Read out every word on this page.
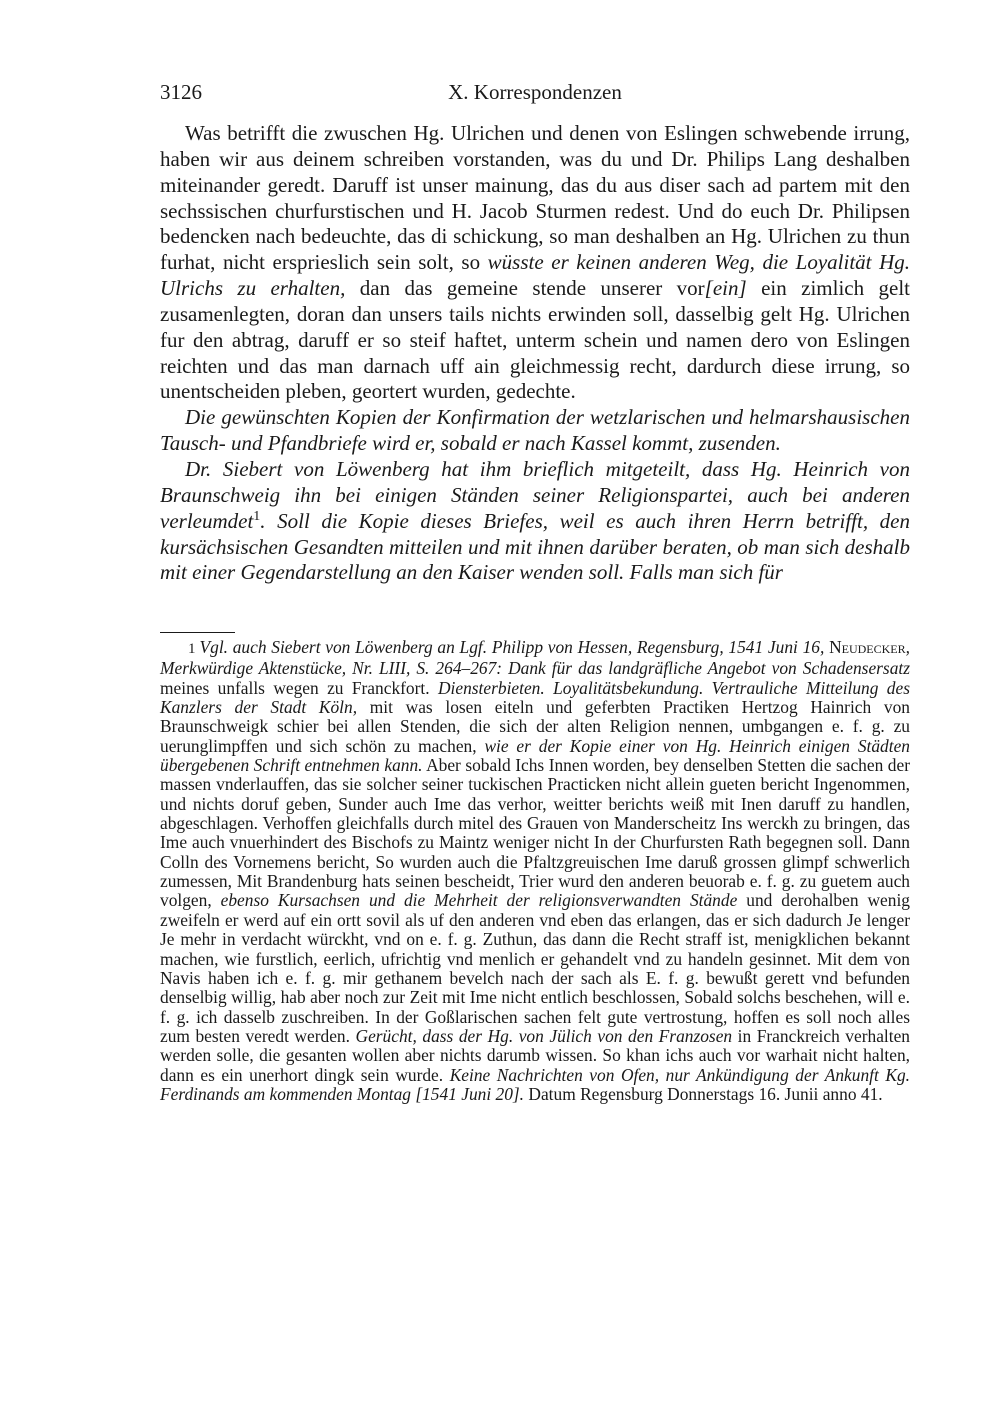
3126	X. Korrespondenzen

Was betrifft die zwuschen Hg. Ulrichen und denen von Eslingen schwebende irrung, haben wir aus deinem schreiben vorstanden, was du und Dr. Philips Lang deshalben miteinander geredt. Daruff ist unser mainung, das du aus diser sach ad partem mit den sechssischen churfurstischen und H. Jacob Sturmen redest. Und do euch Dr. Philipsen bedencken nach bedeuchte, das di schickung, so man deshalben an Hg. Ulrichen zu thun furhat, nicht ersprieslich sein solt, so wüsste er keinen anderen Weg, die Loyalität Hg. Ulrichs zu erhalten, dan das gemeine stende unserer vor[ein] ein zimlich gelt zusamenlegten, doran dan unsers tails nichts erwinden soll, dasselbig gelt Hg. Ulrichen fur den abtrag, daruff er so steif haftet, unterm schein und namen dero von Eslingen reichten und das man darnach uff ain gleichmessig recht, dardurch diese irrung, so unentscheiden pleben, geortert wurden, gedechte.

Die gewünschten Kopien der Konfirmation der wetzlarischen und helmarshausischen Tausch- und Pfandbriefe wird er, sobald er nach Kassel kommt, zusenden.

Dr. Siebert von Löwenberg hat ihm brieflich mitgeteilt, dass Hg. Heinrich von Braunschweig ihn bei einigen Ständen seiner Religionspartei, auch bei anderen verleumdet$^1$. Soll die Kopie dieses Briefes, weil es auch ihren Herrn betrifft, den kursächsischen Gesandten mitteilen und mit ihnen darüber beraten, ob man sich deshalb mit einer Gegendarstellung an den Kaiser wenden soll. Falls man sich für

1 Vgl. auch Siebert von Löwenberg an Lgf. Philipp von Hessen, Regensburg, 1541 Juni 16, Neudecker, Merkwürdige Aktenstücke, Nr. LIII, S. 264–267: Dank für das landgräfliche Angebot von Schadensersatz meines unfalls wegen zu Franckfort. Diensterbieten. Loyalitätsbekundung. Vertrauliche Mitteilung des Kanzlers der Stadt Köln, mit was losen eiteln und geferbten Practiken Hertzog Hainrich von Braunschweigk schier bei allen Stenden, die sich der alten Religion nennen, umbgangen e. f. g. zu uerunglimpffen und sich schön zu machen, wie er der Kopie einer von Hg. Heinrich einigen Städten übergebenen Schrift entnehmen kann. Aber sobald Ichs Innen worden, bey denselben Stetten die sachen der massen vnderlauffen, das sie solcher seiner tuckischen Practicken nicht allein gueten bericht Ingenommen, und nichts doruf geben, Sunder auch Ime das verhor, weitter berichts weiß mit Inen daruff zu handlen, abgeschlagen. Verhoffen gleichfalls durch mitel des Grauen von Manderscheitz Ins werckh zu bringen, das Ime auch vnuerhindert des Bischofs zu Maintz weniger nicht In der Churfursten Rath begegnen soll. Dann Colln des Vornemens bericht, So wurden auch die Pfaltzgreuischen Ime daruß grossen glimpf schwerlich zumessen, Mit Brandenburg hats seinen bescheidt, Trier wurd den anderen beuorab e. f. g. zu guetem auch volgen, ebenso Kursachsen und die Mehrheit der religionsverwandten Stände und derohalben wenig zweifeln er werd auf ein ortt sovil als uf den anderen vnd eben das erlangen, das er sich dadurch Je lenger Je mehr in verdacht würckht, vnd on e. f. g. Zuthun, das dann die Recht straff ist, menigklichen bekannt machen, wie furstlich, eerlich, ufrichtig vnd menlich er gehandelt vnd zu handeln gesinnet. Mit dem von Navis haben ich e. f. g. mir gethanem bevelch nach der sach als E. f. g. bewußt gerett vnd befunden denselbig willig, hab aber noch zur Zeit mit Ime nicht entlich beschlossen, Sobald solchs beschehen, will e. f. g. ich dasselb zuschreiben. In der Goßlarischen sachen felt gute vertrostung, hoffen es soll noch alles zum besten veredt werden. Gerücht, dass der Hg. von Jülich von den Franzosen in Franckreich verhalten werden solle, die gesanten wollen aber nichts darumb wissen. So khan ichs auch vor warhait nicht halten, dann es ein unerhort dingk sein wurde. Keine Nachrichten von Ofen, nur Ankündigung der Ankunft Kg. Ferdinands am kommenden Montag [1541 Juni 20]. Datum Regensburg Donnerstags 16. Junii anno 41.
